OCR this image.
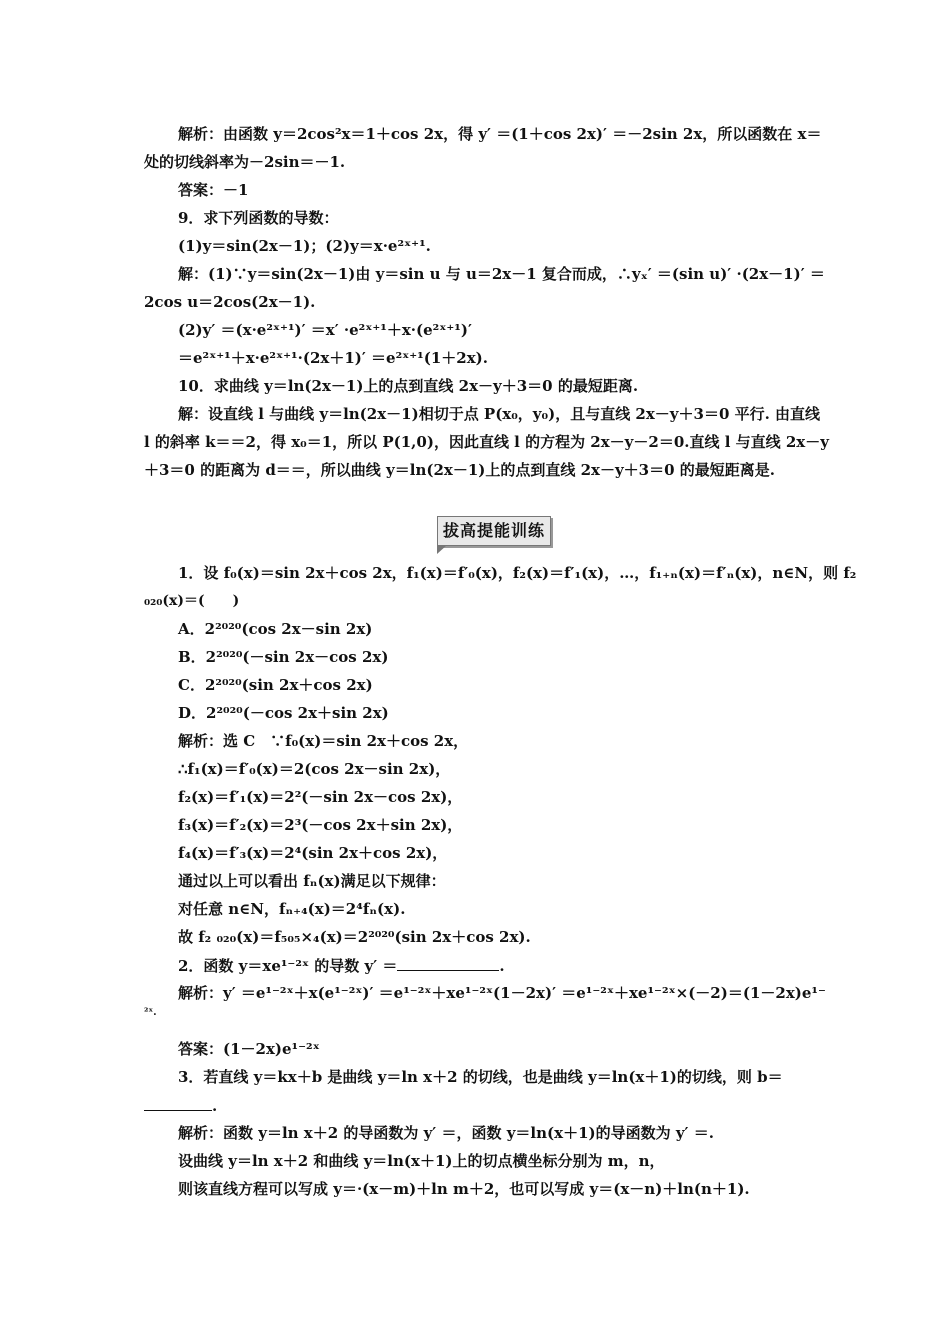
解析：由函数 y＝2cos²x＝1＋cos 2x，得 y′ ＝(1＋cos 2x)′ ＝－2sin 2x，所以函数在 x＝
处的切线斜率为－2sin＝－1.
答案：－1
9．求下列函数的导数：
(1)y＝sin(2x－1)；(2)y＝x·e²ˣ⁺¹.
解：(1)∵y＝sin(2x－1)由 y＝sin u 与 u＝2x－1 复合而成，∴yₓ′ ＝(sin u)′ ·(2x－1)′ ＝
2cos u＝2cos(2x－1).
(2)y′ ＝(x·e²ˣ⁺¹)′ ＝x′ ·e²ˣ⁺¹＋x·(e²ˣ⁺¹)′
＝e²ˣ⁺¹＋x·e²ˣ⁺¹·(2x＋1)′ ＝e²ˣ⁺¹(1＋2x).
10．求曲线 y＝ln(2x－1)上的点到直线 2x－y＋3＝0 的最短距离.
解：设直线 l 与曲线 y＝ln(2x－1)相切于点 P(x₀，y₀)，且与直线 2x－y＋3＝0 平行. 由直线
l 的斜率 k＝＝2，得 x₀＝1，所以 P(1,0)，因此直线 l 的方程为 2x－y－2＝0.直线 l 与直线 2x－y
＋3＝0 的距离为 d＝＝，所以曲线 y＝ln(2x－1)上的点到直线 2x－y＋3＝0 的最短距离是.
拔高提能训练
1．设 f₀(x)＝sin 2x＋cos 2x，f₁(x)＝f′₀(x)，f₂(x)＝f′₁(x)，…，f₁₊ₙ(x)＝f′ₙ(x)，n∈N，则 f₂
₀₂₀(x)＝(　　)
A．2²⁰²⁰(cos 2x－sin 2x)
B．2²⁰²⁰(－sin 2x－cos 2x)
C．2²⁰²⁰(sin 2x＋cos 2x)
D．2²⁰²⁰(－cos 2x＋sin 2x)
解析：选 C　∵f₀(x)＝sin 2x＋cos 2x，
∴f₁(x)＝f′₀(x)＝2(cos 2x－sin 2x)，
f₂(x)＝f′₁(x)＝2²(－sin 2x－cos 2x)，
f₃(x)＝f′₂(x)＝2³(－cos 2x＋sin 2x)，
f₄(x)＝f′₃(x)＝2⁴(sin 2x＋cos 2x)，
通过以上可以看出 fₙ(x)满足以下规律：
对任意 n∈N，fₙ₊₄(x)＝2⁴fₙ(x).
故 f₂ ₀₂₀(x)＝f₅₀₅×₄(x)＝2²⁰²⁰(sin 2x＋cos 2x).
2．函数 y＝xe¹⁻²ˣ 的导数 y′ ＝	.
解析：y′ ＝e¹⁻²ˣ＋x(e¹⁻²ˣ)′ ＝e¹⁻²ˣ＋xe¹⁻²ˣ(1－2x)′ ＝e¹⁻²ˣ＋xe¹⁻²ˣ×(－2)＝(1－2x)e¹⁻
²ˣ.
答案：(1－2x)e¹⁻²ˣ
3．若直线 y＝kx＋b 是曲线 y＝ln x＋2 的切线，也是曲线 y＝ln(x＋1)的切线，则 b＝
.
解析：函数 y＝ln x＋2 的导函数为 y′ ＝，函数 y＝ln(x＋1)的导函数为 y′ ＝.
设曲线 y＝ln x＋2 和曲线 y＝ln(x＋1)上的切点横坐标分别为 m，n，
则该直线方程可以写成 y＝·(x－m)＋ln m＋2，也可以写成 y＝(x－n)＋ln(n＋1).
